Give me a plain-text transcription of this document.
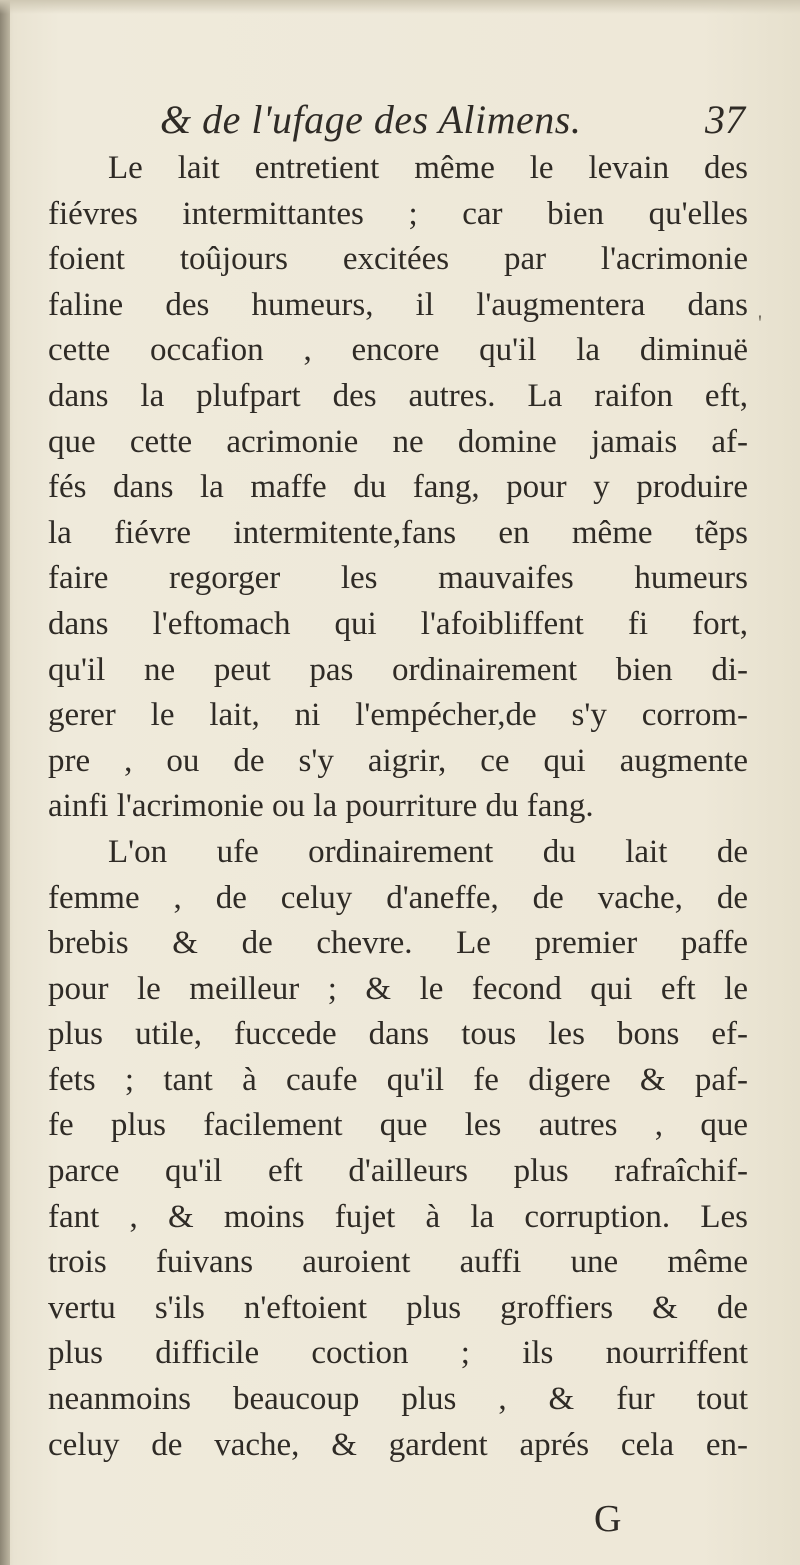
& de l'ufage des Alimens.	37
'
Le lait entretient même le levain des
fiévres intermittantes ; car bien qu'elles
foient toûjours excitées par l'acrimonie
faline des humeurs, il l'augmentera dans
cette occafion , encore qu'il la diminuë
dans la plufpart des autres. La raifon eft,
que cette acrimonie ne domine jamais af-
fés dans la maffe du fang, pour y produire
la fiévre intermitente,fans en même tẽps
faire regorger les mauvaifes humeurs
dans l'eftomach qui l'afoibliffent fi fort,
qu'il ne peut pas ordinairement bien di-
gerer le lait, ni l'empécher,de s'y corrom-
pre , ou de s'y aigrir, ce qui augmente
ainfi l'acrimonie ou la pourriture du fang.
L'on ufe ordinairement du lait de
femme , de celuy d'aneffe, de vache, de
brebis & de chevre. Le premier paffe
pour le meilleur ; & le fecond qui eft le
plus utile, fuccede dans tous les bons ef-
fets ; tant à caufe qu'il fe digere & paf-
fe plus facilement que les autres , que
parce qu'il eft d'ailleurs plus rafraîchif-
fant , & moins fujet à la corruption. Les
trois fuivans auroient auffi une même
vertu s'ils n'eftoient plus groffiers & de
plus difficile coction ; ils nourriffent
neanmoins beaucoup plus , & fur tout
celuy de vache, & gardent aprés cela en-
G
